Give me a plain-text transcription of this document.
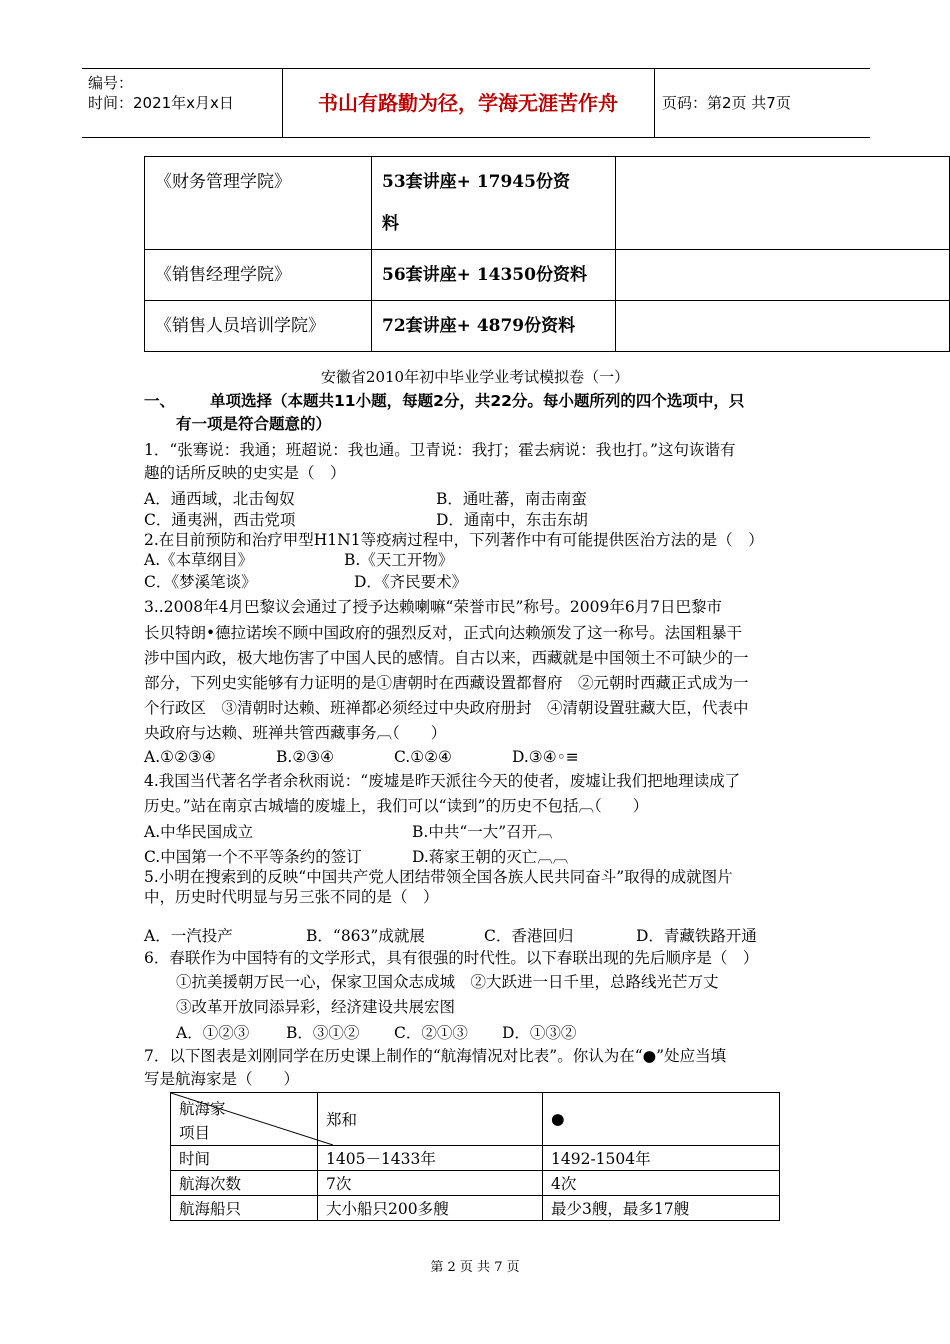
编号：
时间：2021年x月x日	书山有路勤为径，学海无涯苦作舟	页码：第2页 共7页
《财务管理学院》	53套讲座+ 17945份资
料	
《销售经理学院》	56套讲座+ 14350份资料	
《销售人员培训学院》	72套讲座+ 4879份资料	
安徽省2010年初中毕业学业考试模拟卷（一）
一、 单项选择（本题共11小题，每题2分，共22分。每小题所列的四个选项中，只
有一项是符合题意的）
1．“张骞说：我通；班超说：我也通。卫青说：我打；霍去病说：我也打。”这句诙谐有
趣的话所反映的史实是（　）
A．通西域，北击匈奴	B．通吐蕃，南击南蛮
C．通夷洲，西击党项	D．通南中，东击东胡
2.在目前预防和治疗甲型H1N1等疫病过程中，下列著作中有可能提供医治方法的是（　）
A.《本草纲目》	B.《天工开物》
C．《梦溪笔谈》	D．《齐民要术》
3..2008年4月巴黎议会通过了授予达赖喇嘛“荣誉市民”称号。2009年6月7日巴黎市
长贝特朗•德拉诺埃不顾中国政府的强烈反对，正式向达赖颁发了这一称号。法国粗暴干
涉中国内政，极大地伤害了中国人民的感情。自古以来，西藏就是中国领土不可缺少的一
部分，下列史实能够有力证明的是①唐朝时在西藏设置都督府　②元朝时西藏正式成为一
个行政区　③清朝时达赖、班禅都必须经过中央政府册封　④清朝设置驻藏大臣，代表中
央政府与达赖、班禅共管西藏事务︹（　　）
A.①②③④	B.②③④	C.①②④	D.③④◦≡
4.我国当代著名学者余秋雨说：“废墟是昨天派往今天的使者，废墟让我们把地理读成了
历史。”站在南京古城墙的废墟上，我们可以“读到”的历史不包括︹（　　）
A.中华民国成立	B.中共“一大”召开︹
C.中国第一个不平等条约的签订	D.蒋家王朝的灭亡︹︹
5.小明在搜索到的反映“中国共产党人团结带领全国各族人民共同奋斗”取得的成就图片
中，历史时代明显与另三张不同的是（　）
A．一汽投产	B．“863”成就展	C．香港回归	D．青藏铁路开通
6．春联作为中国特有的文学形式，具有很强的时代性。以下春联出现的先后顺序是（　）
①抗美援朝万民一心，保家卫国众志成城　②大跃进一日千里，总路线光芒万丈
③改革开放同添异彩，经济建设共展宏图
A．①②③ B．③①② C．②①③ D．①③②
7．以下图表是刘刚同学在历史课上制作的“航海情况对比表”。你认为在“●”处应当填
写是航海家是（　　）
航海家
项目	郑和	●
时间	1405－1433年	1492-1504年
航海次数	7次	4次
航海船只	大小船只200多艘	最少3艘，最多17艘
第 2 页 共 7 页
